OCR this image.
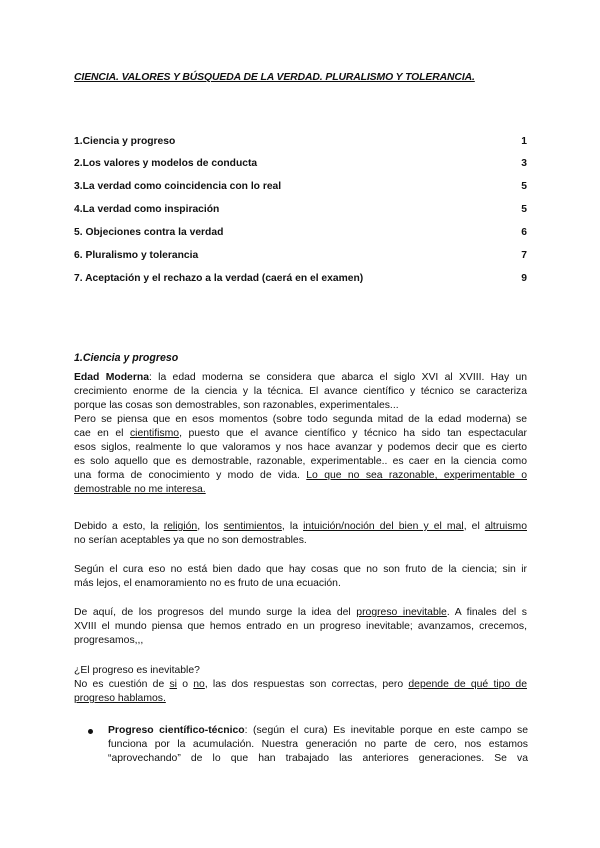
CIENCIA. VALORES Y BÚSQUEDA DE LA VERDAD. PLURALISMO Y TOLERANCIA.
1.Ciencia y progreso	1
2.Los valores y modelos de conducta	3
3.La verdad como coincidencia con lo real	5
4.La verdad como inspiración	5
5. Objeciones contra la verdad	6
6. Pluralismo y tolerancia	7
7. Aceptación y el rechazo a la verdad (caerá en el examen)	9
1.Ciencia y progreso
Edad Moderna: la edad moderna se considera que abarca el siglo XVI al XVIII. Hay un
crecimiento enorme de la ciencia y la técnica. El avance científico y técnico se caracteriza
porque las cosas son demostrables, son razonables, experimentales...
Pero se piensa que en esos momentos (sobre todo segunda mitad de la edad moderna) se
cae en el cientifismo, puesto que el avance científico y técnico ha sido tan espectacular
esos siglos, realmente lo que valoramos y nos hace avanzar y podemos decir que es cierto
es solo aquello que es demostrable, razonable, experimentable.. es caer en la ciencia como
una forma de conocimiento y modo de vida. Lo que no sea razonable, experimentable o
demostrable no me interesa.
Debido a esto, la religión, los sentimientos, la intuición/noción del bien y el mal, el altruismo
no serían aceptables ya que no son demostrables.
Según el cura eso no está bien dado que hay cosas que no son fruto de la ciencia; sin ir
más lejos, el enamoramiento no es fruto de una ecuación.
De aquí, de los progresos del mundo surge la idea del progreso inevitable. A finales del s
XVIII el mundo piensa que hemos entrado en un progreso inevitable; avanzamos, crecemos,
progresamos,,,
¿El progreso es inevitable?
No es cuestión de si o no, las dos respuestas son correctas, pero depende de qué tipo de
progreso hablamos.
Progreso científico-técnico: (según el cura) Es inevitable porque en este campo se
funciona por la acumulación. Nuestra generación no parte de cero, nos estamos
“aprovechando” de lo que han trabajado las anteriores generaciones. Se va
